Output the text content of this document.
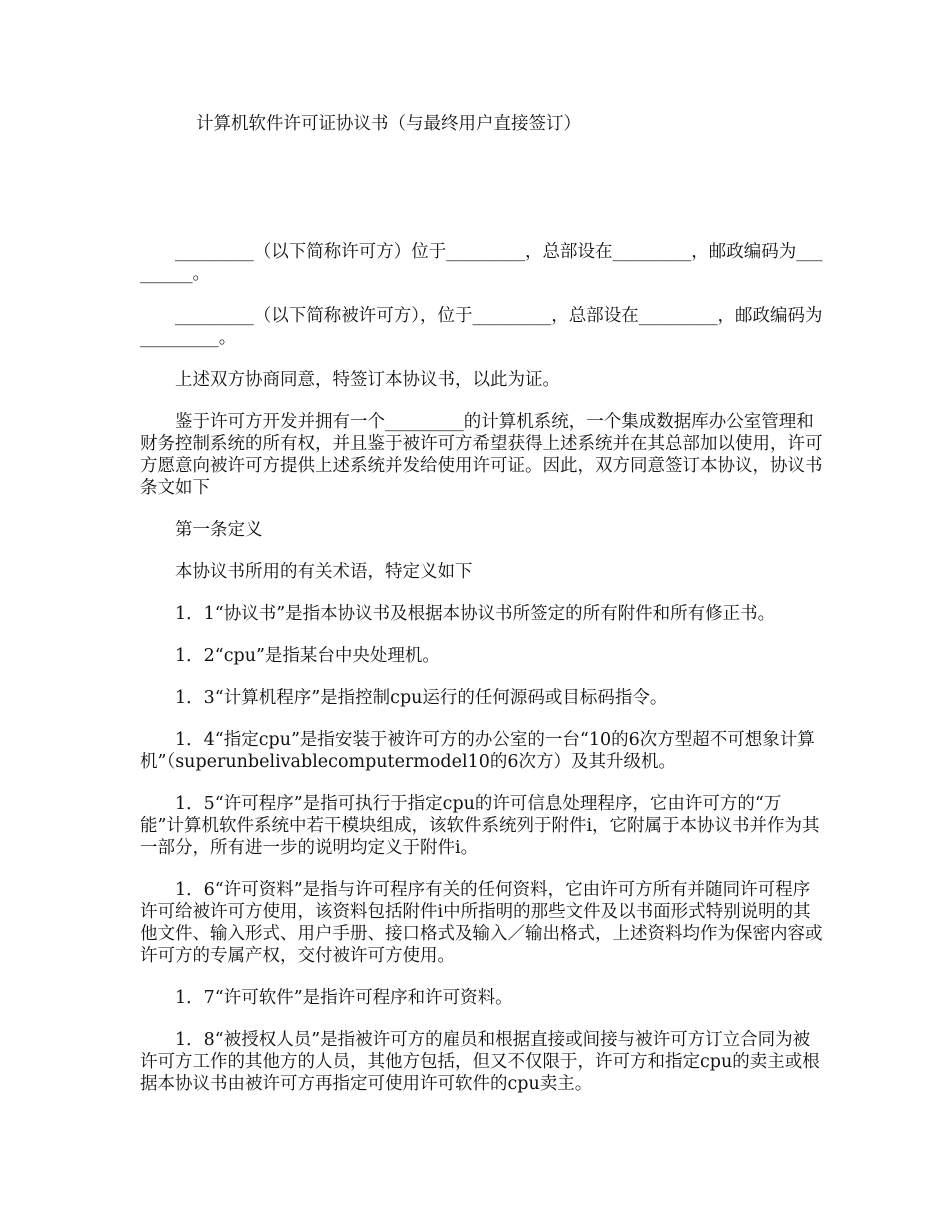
计算机软件许可证协议书（与最终用户直接签订）

_________（以下简称许可方）位于_________，总部设在_________，邮政编码为_________。

_________（以下简称被许可方），位于_________，总部设在_________，邮政编码为_________。

上述双方协商同意，特签订本协议书，以此为证。

鉴于许可方开发并拥有一个_________的计算机系统，一个集成数据库办公室管理和财务控制系统的所有权，并且鉴于被许可方希望获得上述系统并在其总部加以使用，许可方愿意向被许可方提供上述系统并发给使用许可证。因此，双方同意签订本协议，协议书条文如下

第一条定义

本协议书所用的有关术语，特定义如下

1．1“协议书”是指本协议书及根据本协议书所签定的所有附件和所有修正书。

1．2“cpu”是指某台中央处理机。

1．3“计算机程序”是指控制cpu运行的任何源码或目标码指令。

1．4“指定cpu”是指安装于被许可方的办公室的一台“10的6次方型超不可想象计算机”（superunbelivablecomputermodel10的6次方）及其升级机。

1．5“许可程序”是指可执行于指定cpu的许可信息处理程序，它由许可方的“万能”计算机软件系统中若干模块组成，该软件系统列于附件i，它附属于本协议书并作为其一部分，所有进一步的说明均定义于附件i。

1．6“许可资料”是指与许可程序有关的任何资料，它由许可方所有并随同许可程序许可给被许可方使用，该资料包括附件i中所指明的那些文件及以书面形式特别说明的其他文件、输入形式、用户手册、接口格式及输入／输出格式，上述资料均作为保密内容或许可方的专属产权，交付被许可方使用。

1．7“许可软件”是指许可程序和许可资料。

1．8“被授权人员”是指被许可方的雇员和根据直接或间接与被许可方订立合同为被许可方工作的其他方的人员，其他方包括，但又不仅限于，许可方和指定cpu的卖主或根据本协议书由被许可方再指定可使用许可软件的cpu卖主。
